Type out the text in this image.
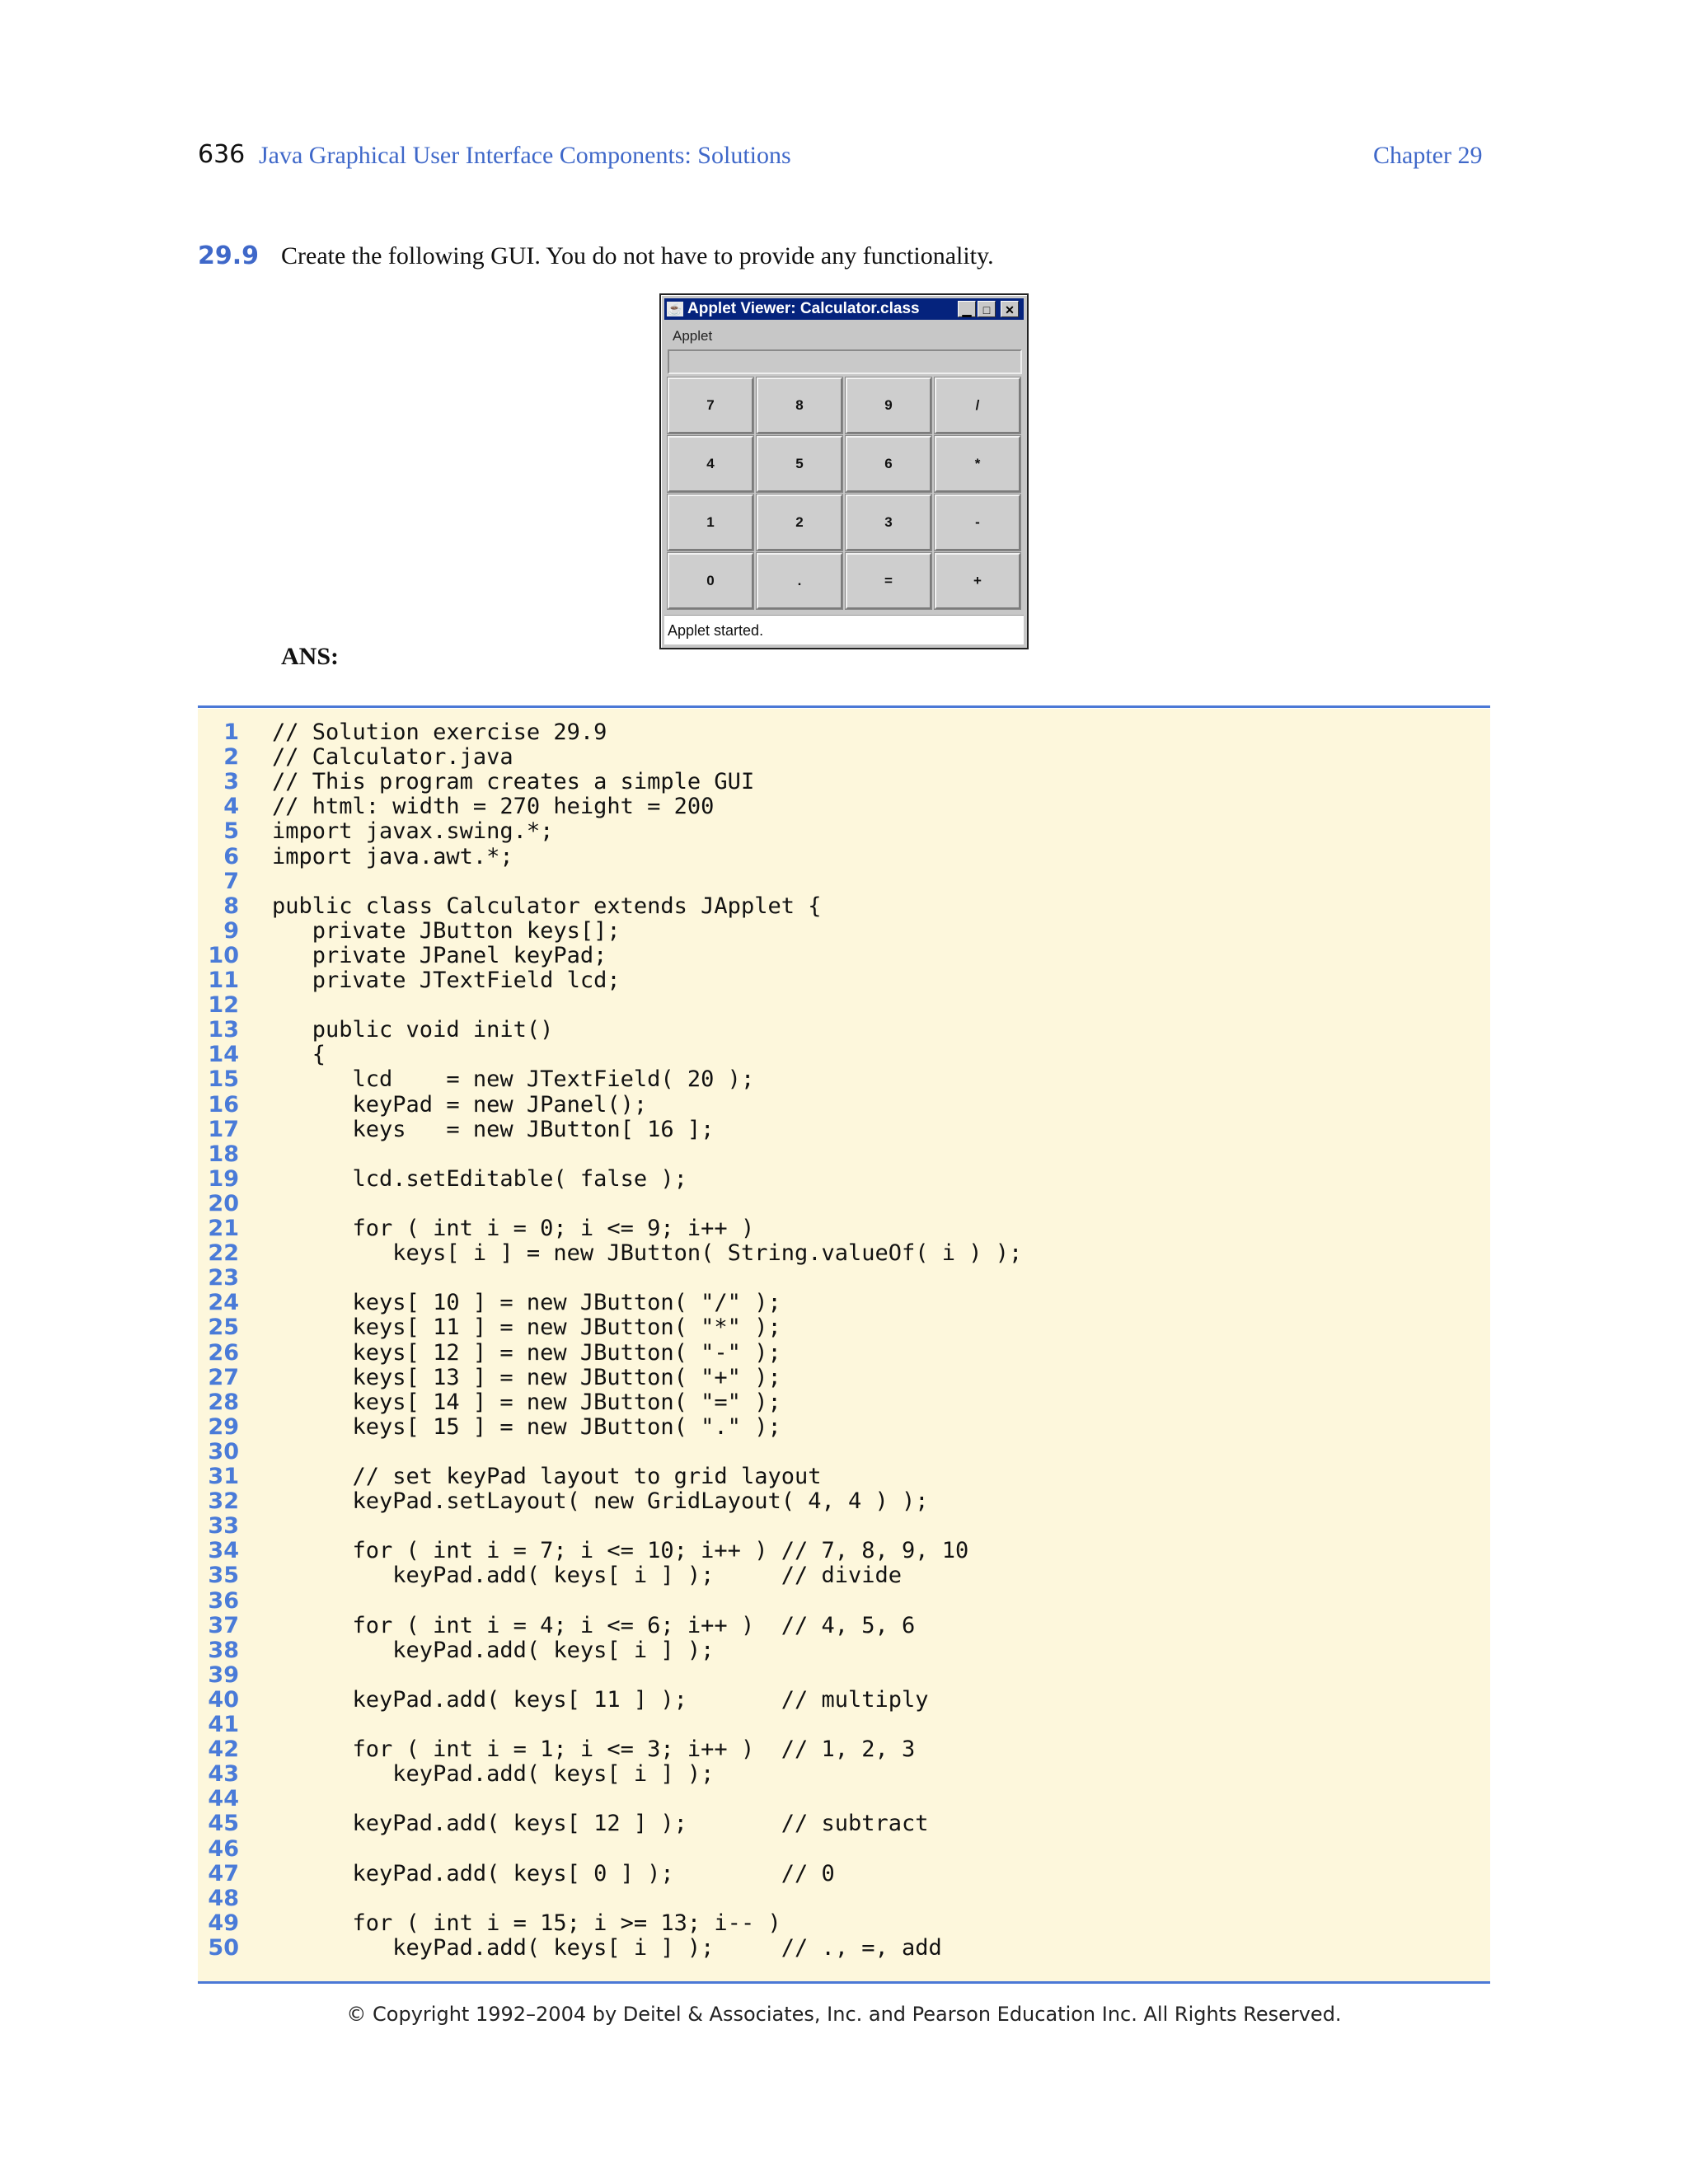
636 Java Graphical User Interface Components: Solutions	Chapter 29
29.9 Create the following GUI. You do not have to provide any functionality.
☕ Applet Viewer: Calculator.class	▁	□	✕
Applet
7	8	9	/
4	5	6	*
1	2	3	-
0	.	=	+
Applet started.
ANS:
1 // Solution exercise 29.9
2 // Calculator.java
3 // This program creates a simple GUI
4 // html: width = 270 height = 200
5 import javax.swing.*;
6 import java.awt.*;
7
8 public class Calculator extends JApplet {
9 private JButton keys[];
10 private JPanel keyPad;
11 private JTextField lcd;
12
13 public void init()
14 {
15 lcd    = new JTextField( 20 );
16 keyPad = new JPanel();
17 keys   = new JButton[ 16 ];
18
19 lcd.setEditable( false );
20
21 for ( int i = 0; i <= 9; i++ )
22 keys[ i ] = new JButton( String.valueOf( i ) );
23
24 keys[ 10 ] = new JButton( "/" );
25 keys[ 11 ] = new JButton( "*" );
26 keys[ 12 ] = new JButton( "-" );
27 keys[ 13 ] = new JButton( "+" );
28 keys[ 14 ] = new JButton( "=" );
29 keys[ 15 ] = new JButton( "." );
30
31 // set keyPad layout to grid layout
32 keyPad.setLayout( new GridLayout( 4, 4 ) );
33
34 for ( int i = 7; i <= 10; i++ ) // 7, 8, 9, 10
35 keyPad.add( keys[ i ] );     // divide
36
37 for ( int i = 4; i <= 6; i++ )  // 4, 5, 6
38 keyPad.add( keys[ i ] );
39
40 keyPad.add( keys[ 11 ] );       // multiply
41
42 for ( int i = 1; i <= 3; i++ )  // 1, 2, 3
43 keyPad.add( keys[ i ] );
44
45 keyPad.add( keys[ 12 ] );       // subtract
46
47 keyPad.add( keys[ 0 ] );        // 0
48
49 for ( int i = 15; i >= 13; i-- )
50 keyPad.add( keys[ i ] );     // ., =, add
© Copyright 1992–2004 by Deitel & Associates, Inc. and Pearson Education Inc. All Rights Reserved.
